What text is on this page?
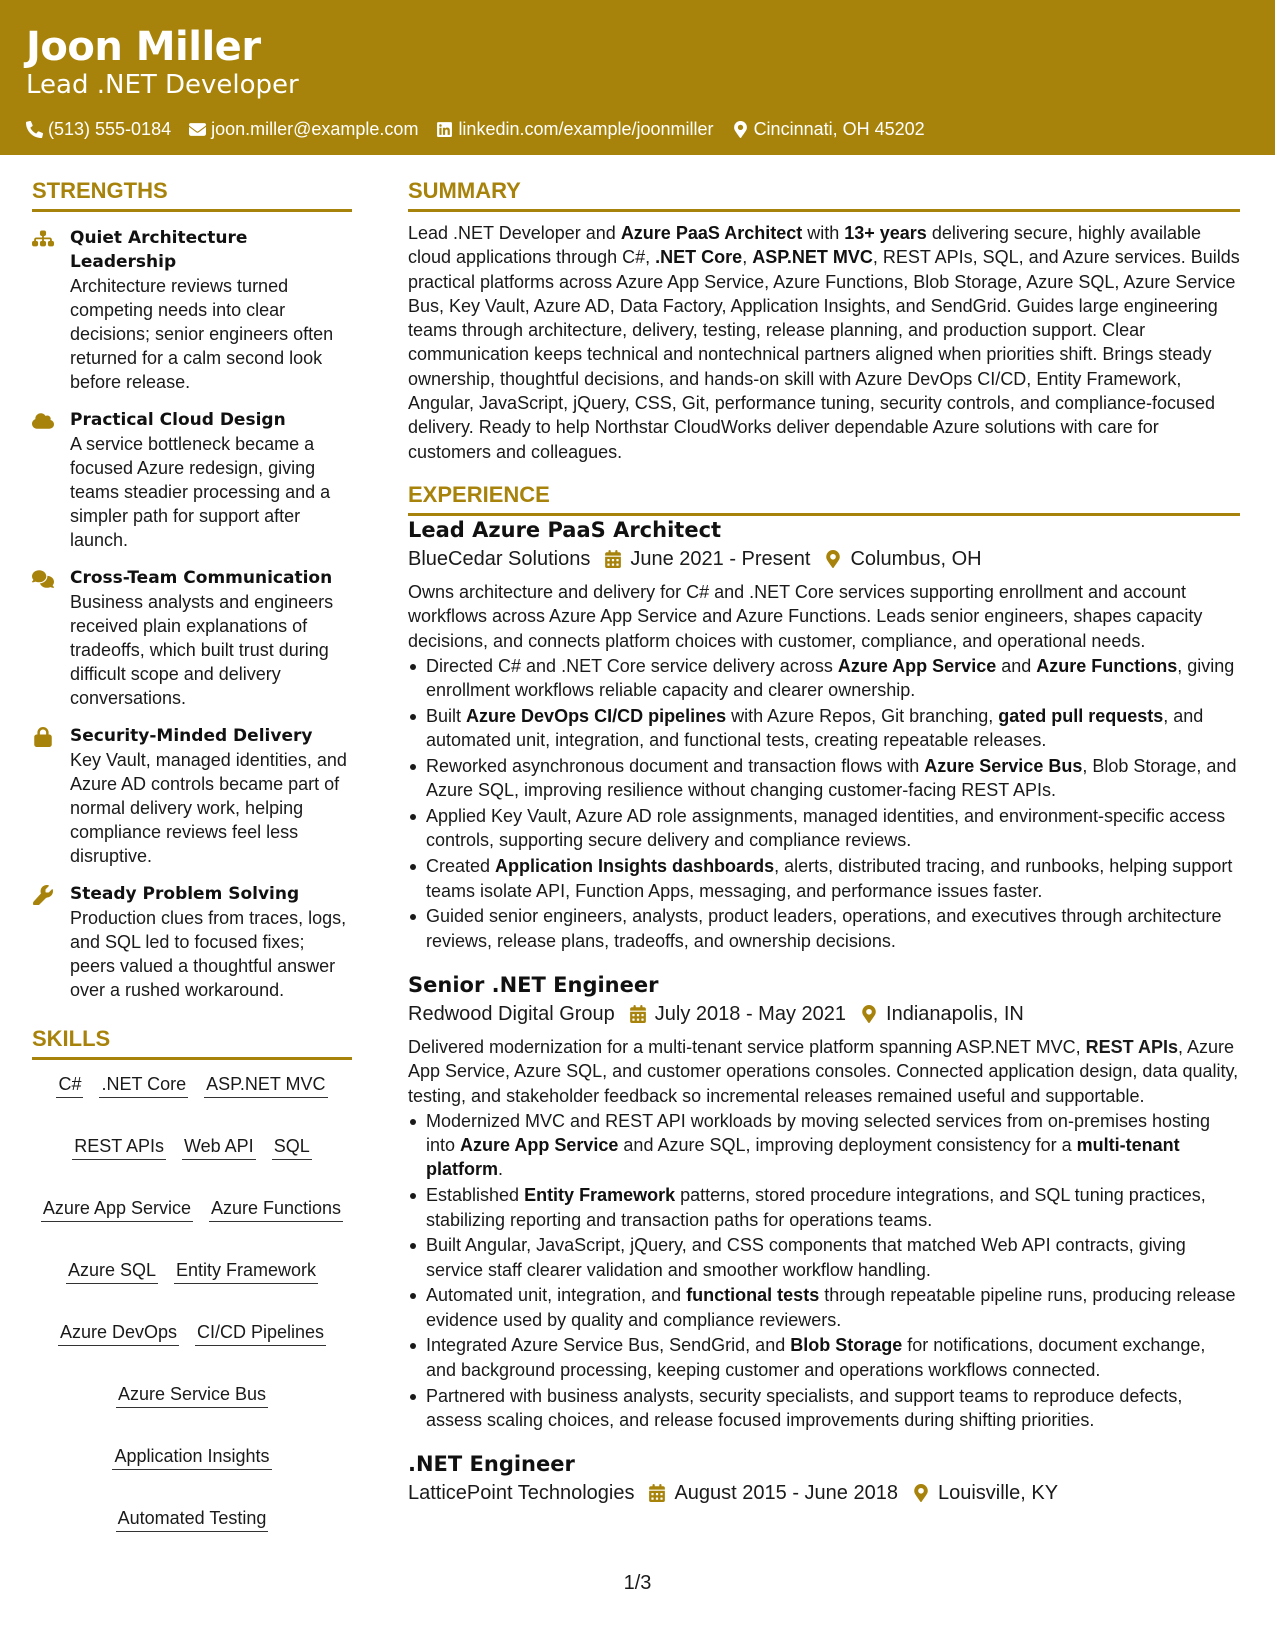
Joon Miller
Lead .NET Developer
(513) 555-0184 joon.miller@example.com linkedin.com/example/joonmiller Cincinnati, OH 45202
STRENGTHS
Quiet Architecture Leadership
Architecture reviews turned competing needs into clear decisions; senior engineers often returned for a calm second look before release.
Practical Cloud Design
A service bottleneck became a focused Azure redesign, giving teams steadier processing and a simpler path for support after launch.
Cross-Team Communication
Business analysts and engineers received plain explanations of tradeoffs, which built trust during difficult scope and delivery conversations.
Security-Minded Delivery
Key Vault, managed identities, and Azure AD controls became part of normal delivery work, helping compliance reviews feel less disruptive.
Steady Problem Solving
Production clues from traces, logs, and SQL led to focused fixes; peers valued a thoughtful answer over a rushed workaround.
SKILLS
C# .NET Core ASP.NET MVC
REST APIs Web API SQL
Azure App Service Azure Functions
Azure SQL Entity Framework
Azure DevOps CI/CD Pipelines
Azure Service Bus
Application Insights
Automated Testing
SUMMARY
Lead .NET Developer and Azure PaaS Architect with 13+ years delivering secure, highly available cloud applications through C#, .NET Core, ASP.NET MVC, REST APIs, SQL, and Azure services. Builds practical platforms across Azure App Service, Azure Functions, Blob Storage, Azure SQL, Azure Service Bus, Key Vault, Azure AD, Data Factory, Application Insights, and SendGrid. Guides large engineering teams through architecture, delivery, testing, release planning, and production support. Clear communication keeps technical and nontechnical partners aligned when priorities shift. Brings steady ownership, thoughtful decisions, and hands-on skill with Azure DevOps CI/CD, Entity Framework, Angular, JavaScript, jQuery, CSS, Git, performance tuning, security controls, and compliance-focused delivery. Ready to help Northstar CloudWorks deliver dependable Azure solutions with care for customers and colleagues.
EXPERIENCE
Lead Azure PaaS Architect
BlueCedar Solutions June 2021 - Present Columbus, OH
Owns architecture and delivery for C# and .NET Core services supporting enrollment and account workflows across Azure App Service and Azure Functions. Leads senior engineers, shapes capacity decisions, and connects platform choices with customer, compliance, and operational needs.
Directed C# and .NET Core service delivery across Azure App Service and Azure Functions, giving enrollment workflows reliable capacity and clearer ownership.
Built Azure DevOps CI/CD pipelines with Azure Repos, Git branching, gated pull requests, and automated unit, integration, and functional tests, creating repeatable releases.
Reworked asynchronous document and transaction flows with Azure Service Bus, Blob Storage, and Azure SQL, improving resilience without changing customer-facing REST APIs.
Applied Key Vault, Azure AD role assignments, managed identities, and environment-specific access controls, supporting secure delivery and compliance reviews.
Created Application Insights dashboards, alerts, distributed tracing, and runbooks, helping support teams isolate API, Function Apps, messaging, and performance issues faster.
Guided senior engineers, analysts, product leaders, operations, and executives through architecture reviews, release plans, tradeoffs, and ownership decisions.
Senior .NET Engineer
Redwood Digital Group July 2018 - May 2021 Indianapolis, IN
Delivered modernization for a multi-tenant service platform spanning ASP.NET MVC, REST APIs, Azure App Service, Azure SQL, and customer operations consoles. Connected application design, data quality, testing, and stakeholder feedback so incremental releases remained useful and supportable.
Modernized MVC and REST API workloads by moving selected services from on-premises hosting into Azure App Service and Azure SQL, improving deployment consistency for a multi-tenant platform.
Established Entity Framework patterns, stored procedure integrations, and SQL tuning practices, stabilizing reporting and transaction paths for operations teams.
Built Angular, JavaScript, jQuery, and CSS components that matched Web API contracts, giving service staff clearer validation and smoother workflow handling.
Automated unit, integration, and functional tests through repeatable pipeline runs, producing release evidence used by quality and compliance reviewers.
Integrated Azure Service Bus, SendGrid, and Blob Storage for notifications, document exchange, and background processing, keeping customer and operations workflows connected.
Partnered with business analysts, security specialists, and support teams to reproduce defects, assess scaling choices, and release focused improvements during shifting priorities.
.NET Engineer
LatticePoint Technologies August 2015 - June 2018 Louisville, KY
1/3
